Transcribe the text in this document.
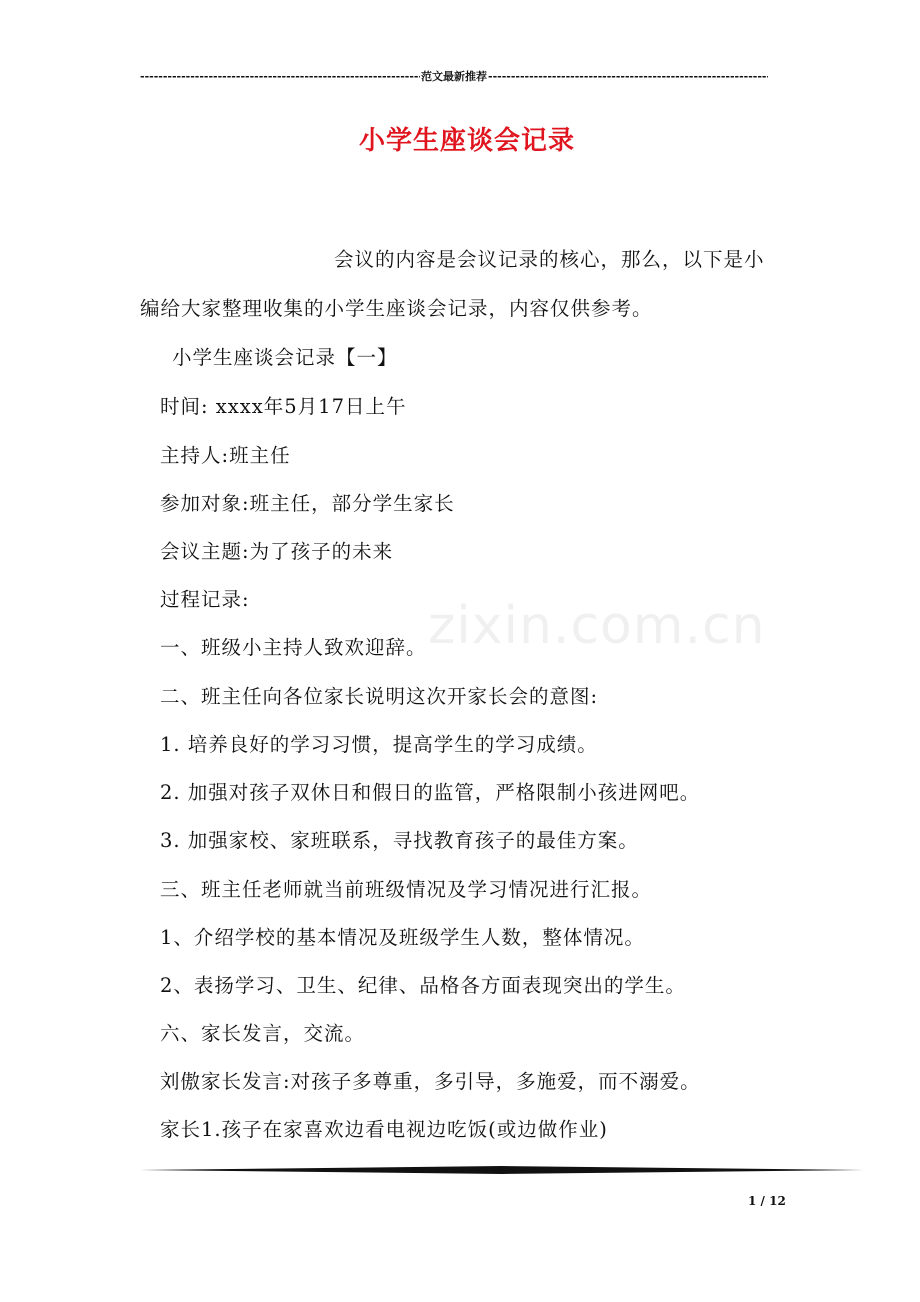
-----
范文最新推荐
-----
小学生座谈会记录
会议的内容是会议记录的核心，那么，以下是小
编给大家整理收集的小学生座谈会记录，内容仅供参考。
小学生座谈会记录【一】
时间: xxxx年5月17日上午
主持人:班主任
参加对象:班主任，部分学生家长
会议主题:为了孩子的未来
过程记录:
一、班级小主持人致欢迎辞。
二、班主任向各位家长说明这次开家长会的意图:
1. 培养良好的学习习惯，提高学生的学习成绩。
2. 加强对孩子双休日和假日的监管，严格限制小孩进网吧。
3. 加强家校、家班联系，寻找教育孩子的最佳方案。
三、班主任老师就当前班级情况及学习情况进行汇报。
1、介绍学校的基本情况及班级学生人数，整体情况。
2、表扬学习、卫生、纪律、品格各方面表现突出的学生。
六、家长发言，交流。
刘傲家长发言:对孩子多尊重，多引导，多施爱，而不溺爱。
家长1.孩子在家喜欢边看电视边吃饭(或边做作业)
zixin.com.cn
1 / 12
